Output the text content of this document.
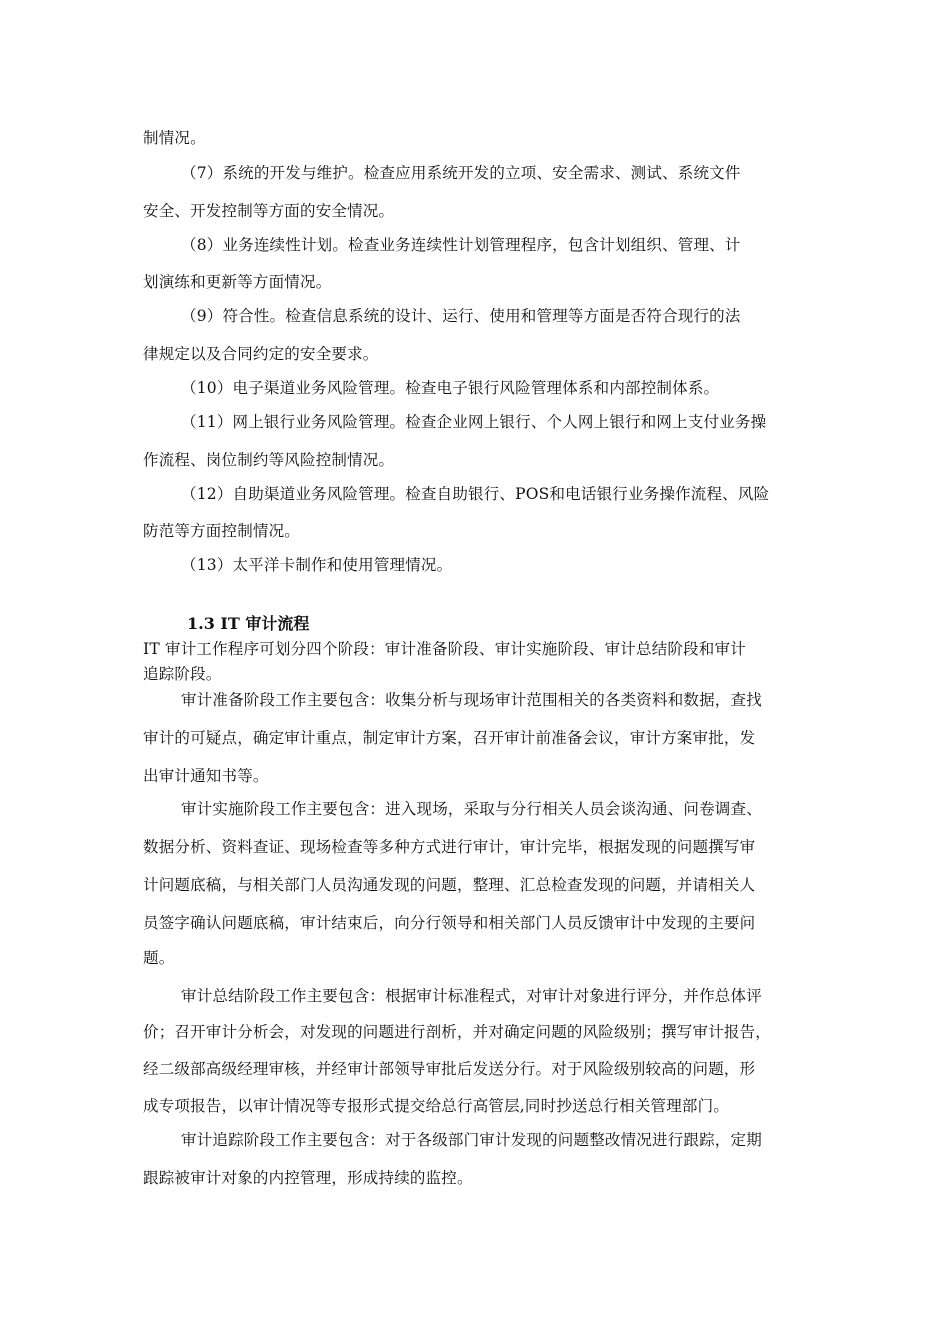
制情况。
（7）系统的开发与维护。检查应用系统开发的立项、安全需求、测试、系统文件
安全、开发控制等方面的安全情况。
（8）业务连续性计划。检查业务连续性计划管理程序，包含计划组织、管理、计
划演练和更新等方面情况。
（9）符合性。检查信息系统的设计、运行、使用和管理等方面是否符合现行的法
律规定以及合同约定的安全要求。
（10）电子渠道业务风险管理。检查电子银行风险管理体系和内部控制体系。
（11）网上银行业务风险管理。检查企业网上银行、个人网上银行和网上支付业务操
作流程、岗位制约等风险控制情况。
（12）自助渠道业务风险管理。检查自助银行、POS和电话银行业务操作流程、风险
防范等方面控制情况。
（13）太平洋卡制作和使用管理情况。
1.3 IT 审计流程
IT 审计工作程序可划分四个阶段：审计准备阶段、审计实施阶段、审计总结阶段和审计
追踪阶段。
审计准备阶段工作主要包含：收集分析与现场审计范围相关的各类资料和数据，查找
审计的可疑点，确定审计重点，制定审计方案，召开审计前准备会议，审计方案审批，发
出审计通知书等。
审计实施阶段工作主要包含：进入现场，采取与分行相关人员会谈沟通、问卷调查、
数据分析、资料查证、现场检查等多种方式进行审计，审计完毕，根据发现的问题撰写审
计问题底稿，与相关部门人员沟通发现的问题，整理、汇总检查发现的问题，并请相关人
员签字确认问题底稿，审计结束后，向分行领导和相关部门人员反馈审计中发现的主要问
题。
审计总结阶段工作主要包含：根据审计标准程式，对审计对象进行评分，并作总体评
价；召开审计分析会，对发现的问题进行剖析，并对确定问题的风险级别；撰写审计报告，
经二级部高级经理审核，并经审计部领导审批后发送分行。对于风险级别较高的问题，形
成专项报告，以审计情况等专报形式提交给总行高管层,同时抄送总行相关管理部门。
审计追踪阶段工作主要包含：对于各级部门审计发现的问题整改情况进行跟踪，定期
跟踪被审计对象的内控管理，形成持续的监控。
